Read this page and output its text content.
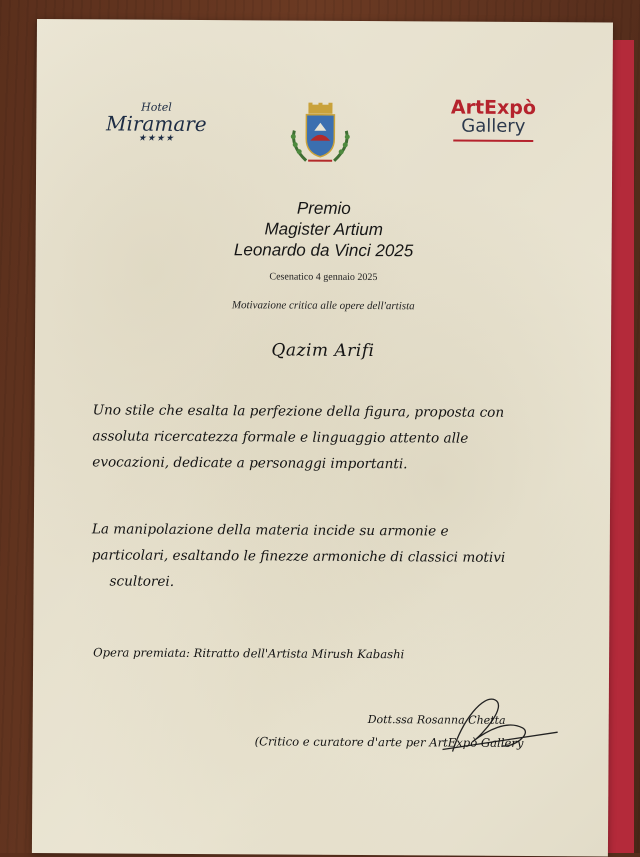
Hotel
Miramare
★★★★
ArtExpò
Gallery
Premio
Magister Artium
Leonardo da Vinci 2025
Cesenatico 4 gennaio 2025
Motivazione critica alle opere dell'artista
Qazim Arifi
Uno stile che esalta la perfezione della figura, proposta con
assoluta ricercatezza formale e linguaggio attento alle
evocazioni, dedicate a personaggi importanti.
La manipolazione della materia incide su armonie e
particolari, esaltando le finezze armoniche di classici motivi
scultorei.
Opera premiata: Ritratto dell'Artista Mirush Kabashi
Dott.ssa Rosanna Chetta
(Critico e curatore d'arte per ArtExpò Gallery
